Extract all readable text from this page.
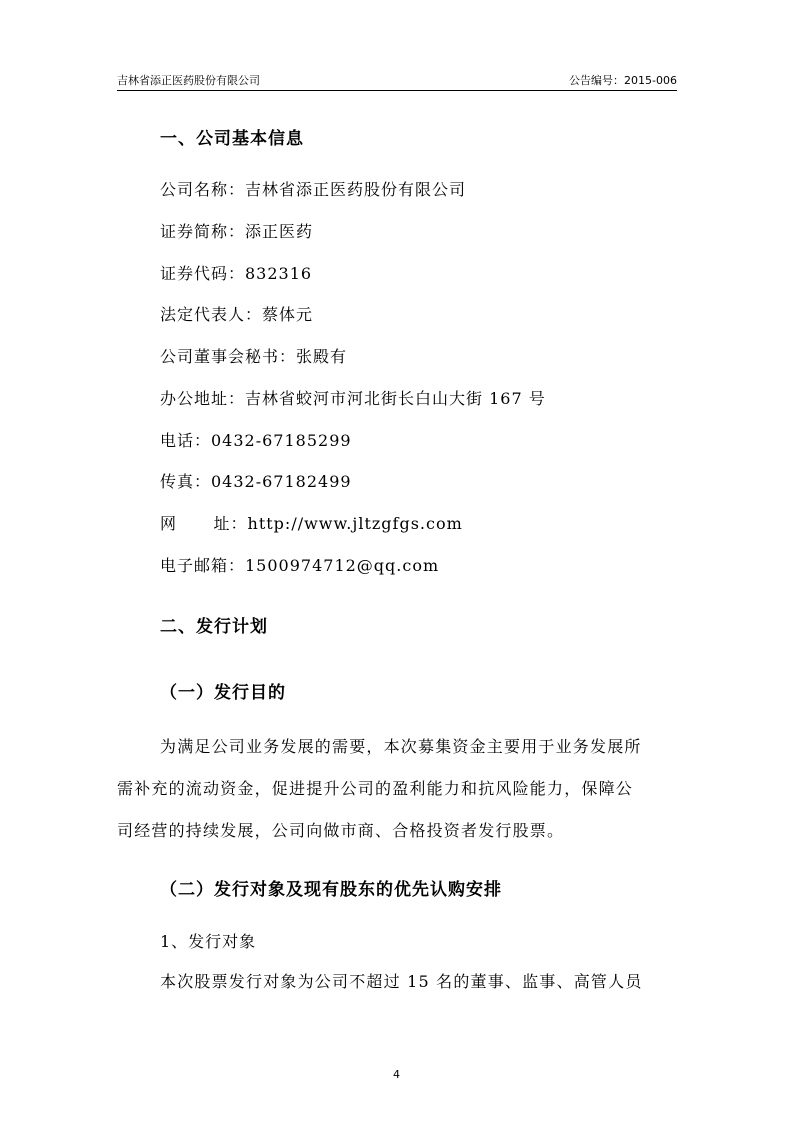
吉林省添正医药股份有限公司	公告编号：2015-006
一、公司基本信息
公司名称：吉林省添正医药股份有限公司
证券简称：添正医药
证券代码：832316
法定代表人：蔡体元
公司董事会秘书：张殿有
办公地址：吉林省蛟河市河北街长白山大街 167 号
电话：0432-67185299
传真：0432-67182499
网      址：http://www.jltzgfgs.com
电子邮箱：1500974712@qq.com
二、发行计划
（一）发行目的
为满足公司业务发展的需要，本次募集资金主要用于业务发展所
需补充的流动资金，促进提升公司的盈利能力和抗风险能力，保障公
司经营的持续发展，公司向做市商、合格投资者发行股票。
（二）发行对象及现有股东的优先认购安排
1、发行对象
本次股票发行对象为公司不超过 15 名的董事、监事、高管人员
4
